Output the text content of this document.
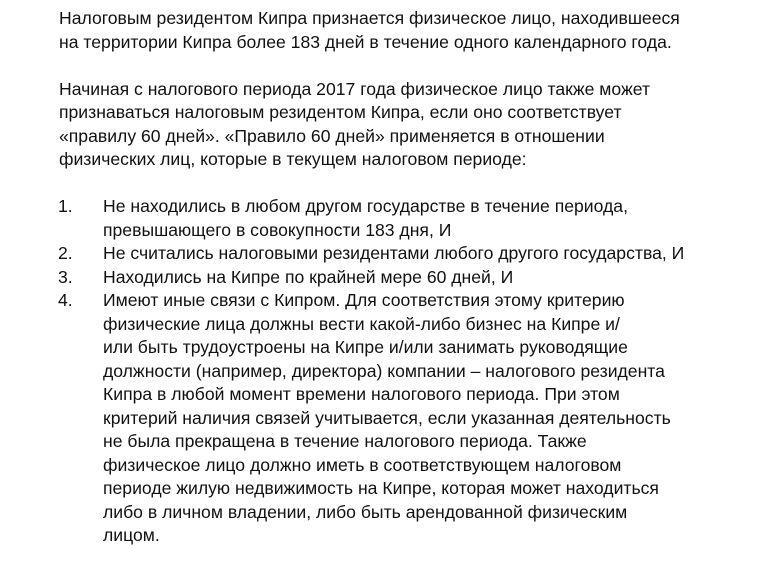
Налоговым резидентом Кипра признается физическое лицо, находившееся
на территории Кипра более 183 дней в течение одного календарного года.

Начиная с налогового периода 2017 года физическое лицо также может
признаваться налоговым резидентом Кипра, если оно соответствует
«правилу 60 дней». «Правило 60 дней» применяется в отношении
физических лиц, которые в текущем налоговом периоде:

1. Не находились в любом другом государстве в течение периода,
превышающего в совокупности 183 дня, И
2. Не считались налоговыми резидентами любого другого государства, И
3. Находились на Кипре по крайней мере 60 дней, И
4. Имеют иные связи с Кипром. Для соответствия этому критерию
физические лица должны вести какой-либо бизнес на Кипре и/
или быть трудоустроены на Кипре и/или занимать руководящие
должности (например, директора) компании – налогового резидента
Кипра в любой момент времени налогового периода. При этом
критерий наличия связей учитывается, если указанная деятельность
не была прекращена в течение налогового периода. Также
физическое лицо должно иметь в соответствующем налоговом
периоде жилую недвижимость на Кипре, которая может находиться
либо в личном владении, либо быть арендованной физическим
лицом.
